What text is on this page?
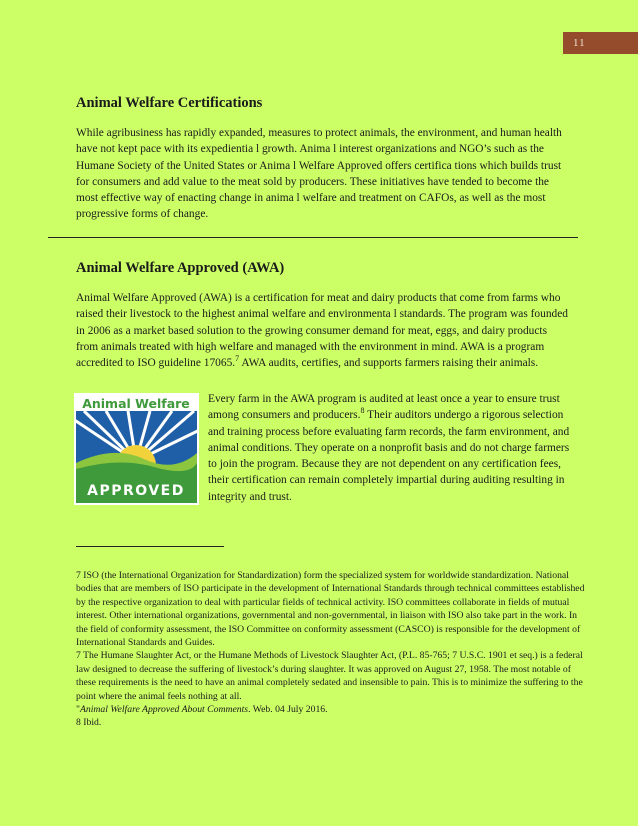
11
Animal Welfare Certifications

While agribusiness has rapidly expanded, measures to protect animals, the environment, and human health have not kept pace with its expedientia l growth. Anima l interest organizations and NGO’s such as the Humane Society of the United States or Anima l Welfare Approved offers certifica tions which builds trust for consumers and add value to the meat sold by producers. These initiatives have tended to become the most effective way of enacting change in anima l welfare and treatment on CAFOs, as well as the most progressive forms of change.

Animal Welfare Approved (AWA)

Animal Welfare Approved (AWA) is a certification for meat and dairy products that come from farms who raised their livestock to the highest animal welfare and environmenta l standards. The program was founded in 2006 as a market based solution to the growing consumer demand for meat, eggs, and dairy products from animals treated with high welfare and managed with the environment in mind. AWA is a program accredited to ISO guideline 17065.$^7$ AWA audits, certifies, and supports farmers raising their animals.

Animal Welfare
APPROVED

Every farm in the AWA program is audited at least once a year to ensure trust among consumers and producers.$^8$ Their auditors undergo a rigorous selection and training process before evaluating farm records, the farm environment, and animal conditions. They operate on a nonprofit basis and do not charge farmers to join the program. Because they are not dependent on any certification fees, their certification can remain completely impartial during auditing resulting in integrity and trust.

7 ISO (the International Organization for Standardization) form the specialized system for worldwide standardization. National bodies that are members of ISO participate in the development of International Standards through technical committees established by the respective organization to deal with particular fields of technical activity. ISO committees collaborate in fields of mutual interest. Other international organizations, governmental and non-governmental, in liaison with ISO also take part in the work. In the field of conformity assessment, the ISO Committee on conformity assessment (CASCO) is responsible for the development of International Standards and Guides.

7 The Humane Slaughter Act, or the Humane Methods of Livestock Slaughter Act, (P.L. 85-765; 7 U.S.C. 1901 et seq.) is a federal law designed to decrease the suffering of livestock’s during slaughter. It was approved on August 27, 1958. The most notable of these requirements is the need to have an animal completely sedated and insensible to pain. This is to minimize the suffering to the point where the animal feels nothing at all.

"Animal Welfare Approved About Comments. Web. 04 July 2016.

8 Ibid.
